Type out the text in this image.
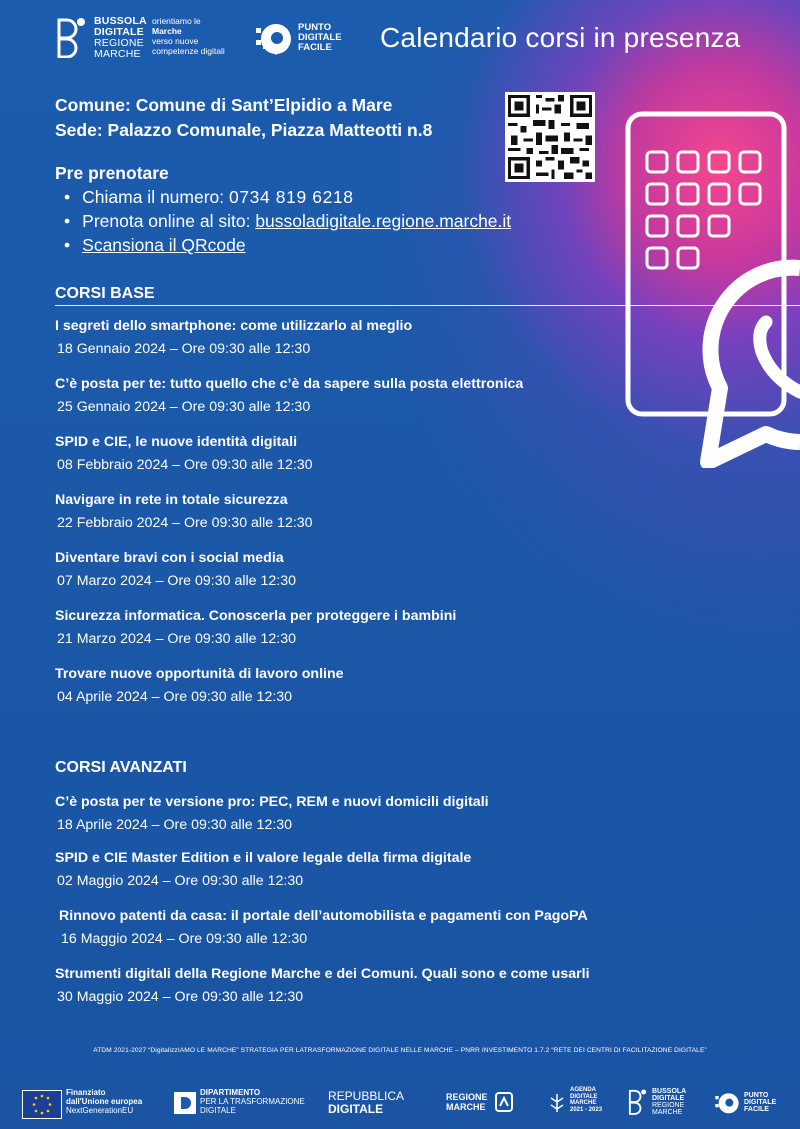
BUSSOLA
DIGITALE
REGIONE
MARCHE
orientiamo le
Marche
verso nuove
competenze digitali
PUNTO
DIGITALE
FACILE	Calendario corsi in presenza
Comune: Comune di Sant’Elpidio a Mare
Sede: Palazzo Comunale, Piazza Matteotti n.8
Pre prenotare
• Chiama il numero: 0734 819 6218
• Prenota online al sito: bussoladigitale.regione.marche.it
• Scansiona il QRcode
CORSI BASE
I segreti dello smartphone: come utilizzarlo al meglio
18 Gennaio 2024 – Ore 09:30 alle 12:30
C’è posta per te: tutto quello che c’è da sapere sulla posta elettronica
25 Gennaio 2024 – Ore 09:30 alle 12:30
SPID e CIE, le nuove identità digitali
08 Febbraio 2024 – Ore 09:30 alle 12:30
Navigare in rete in totale sicurezza
22 Febbraio 2024 – Ore 09:30 alle 12:30
Diventare bravi con i social media
07 Marzo 2024 – Ore 09:30 alle 12:30
Sicurezza informatica. Conoscerla per proteggere i bambini
21 Marzo 2024 – Ore 09:30 alle 12:30
Trovare nuove opportunità di lavoro online
04 Aprile 2024 – Ore 09:30 alle 12:30
CORSI AVANZATI
C’è posta per te versione pro: PEC, REM e nuovi domicili digitali
18 Aprile 2024 – Ore 09:30 alle 12:30
SPID e CIE Master Edition e il valore legale della firma digitale
02 Maggio 2024 – Ore 09:30 alle 12:30
Rinnovo patenti da casa: il portale dell’automobilista e pagamenti con PagoPA
16 Maggio 2024 – Ore 09:30 alle 12:30
Strumenti digitali della Regione Marche e dei Comuni. Quali sono e come usarli
30 Maggio 2024 – Ore 09:30 alle 12:30
ATDM 2021-2027 “DigitalizzIAMO LE MARCHE” STRATEGIA PER LATRASFORMAZIONE DIGITALE NELLE MARCHE – PNRR INVESTIMENTO 1.7.2 “RETE DEI CENTRI DI FACILITAZIONE DIGITALE”
Finanziato
dall'Unione europea
NextGenerationEU
DIPARTIMENTO
PER LA TRASFORMAZIONE
DIGITALE
REPUBBLICA
DIGITALE
REGIONE
MARCHE
AGENDA
DIGITALE
MARCHE
2021 - 2023
BUSSOLA
DIGITALE
REGIONE
MARCHE
PUNTO
DIGITALE
FACILE
